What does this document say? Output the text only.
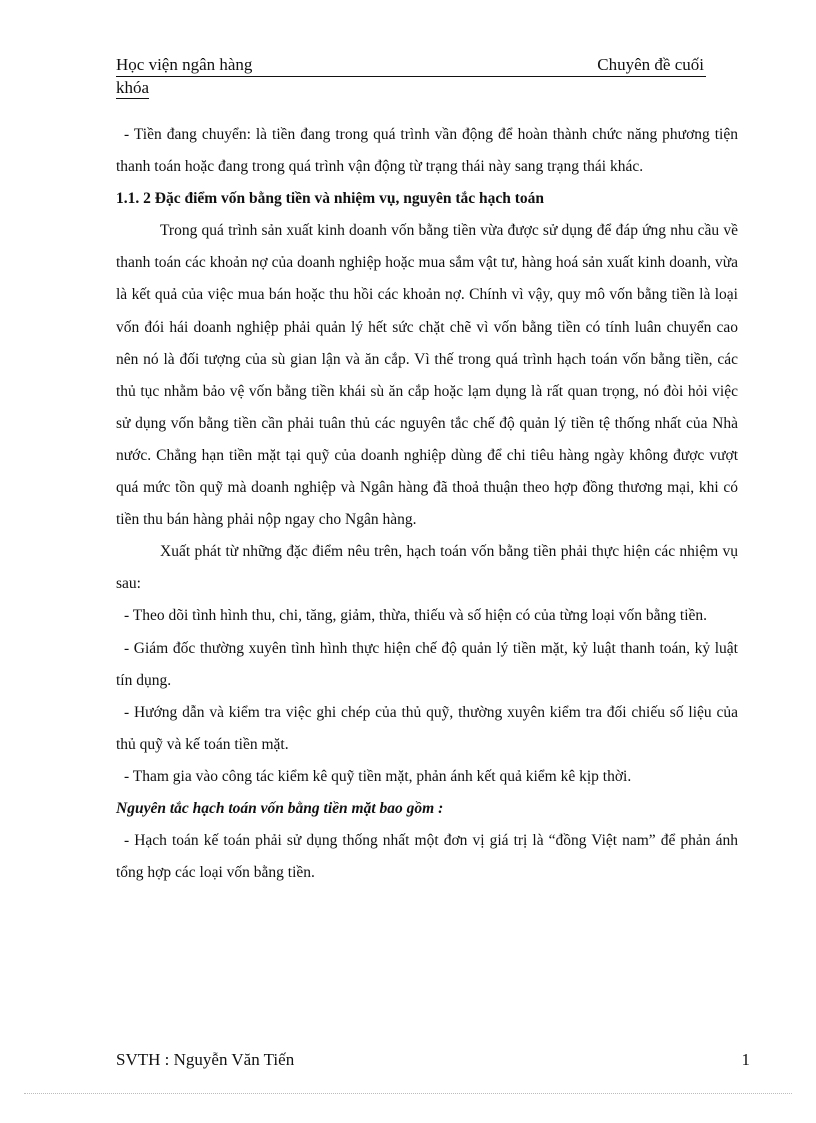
Học viện ngân hàng	Chuyên đề cuối
khóa

- Tiền đang chuyển: là tiền đang trong quá trình vần động để hoàn thành chức năng phương tiện thanh toán hoặc đang trong quá trình vận động từ trạng thái này sang trạng thái khác.

1.1. 2 Đặc điểm vốn bằng tiền và nhiệm vụ, nguyên tắc hạch toán

Trong quá trình sản xuất kinh doanh vốn bằng tiền vừa được sử dụng để đáp ứng nhu cầu về thanh toán các khoản nợ của doanh nghiệp hoặc mua sắm vật tư, hàng hoá sản xuất kinh doanh, vừa là kết quả của việc mua bán hoặc thu hồi các khoản nợ. Chính vì vậy, quy mô vốn bằng tiền là loại vốn đói hái doanh nghiệp phải quản lý hết sức chặt chẽ vì vốn bằng tiền có tính luân chuyển cao nên nó là đối tượng của sù gian lận và ăn cắp. Vì thế trong quá trình hạch toán vốn bằng tiền, các thủ tục nhằm bảo vệ vốn bằng tiền khái sù ăn cắp hoặc lạm dụng là rất quan trọng, nó đòi hỏi việc sử dụng vốn bằng tiền cần phải tuân thủ các nguyên tắc chế độ quản lý tiền tệ thống nhất của Nhà nước. Chẳng hạn tiền mặt tại quỹ của doanh nghiệp dùng để chi tiêu hàng ngày không được vượt quá mức tồn quỹ mà doanh nghiệp và Ngân hàng đã thoả thuận theo hợp đồng thương mại, khi có tiền thu bán hàng phải nộp ngay cho Ngân hàng.

Xuất phát từ những đặc điểm nêu trên, hạch toán vốn bằng tiền phải thực hiện các nhiệm vụ sau:

- Theo dõi tình hình thu, chi, tăng, giảm, thừa, thiếu và số hiện có của từng loại vốn bằng tiền.

- Giám đốc thường xuyên tình hình thực hiện chế độ quản lý tiền mặt, kỷ luật thanh toán, kỷ luật tín dụng.

- Hướng dẫn và kiểm tra việc ghi chép của thủ quỹ, thường xuyên kiểm tra đối chiếu số liệu của thủ quỹ và kế toán tiền mặt.

- Tham gia vào công tác kiểm kê quỹ tiền mặt, phản ánh kết quả kiểm kê kịp thời.

Nguyên tắc hạch toán vốn bằng tiền mặt bao gồm :

- Hạch toán kế toán phải sử dụng thống nhất một đơn vị giá trị là “đồng Việt nam” để phản ánh tổng hợp các loại vốn bằng tiền.

SVTH : Nguyễn Văn Tiến	1
